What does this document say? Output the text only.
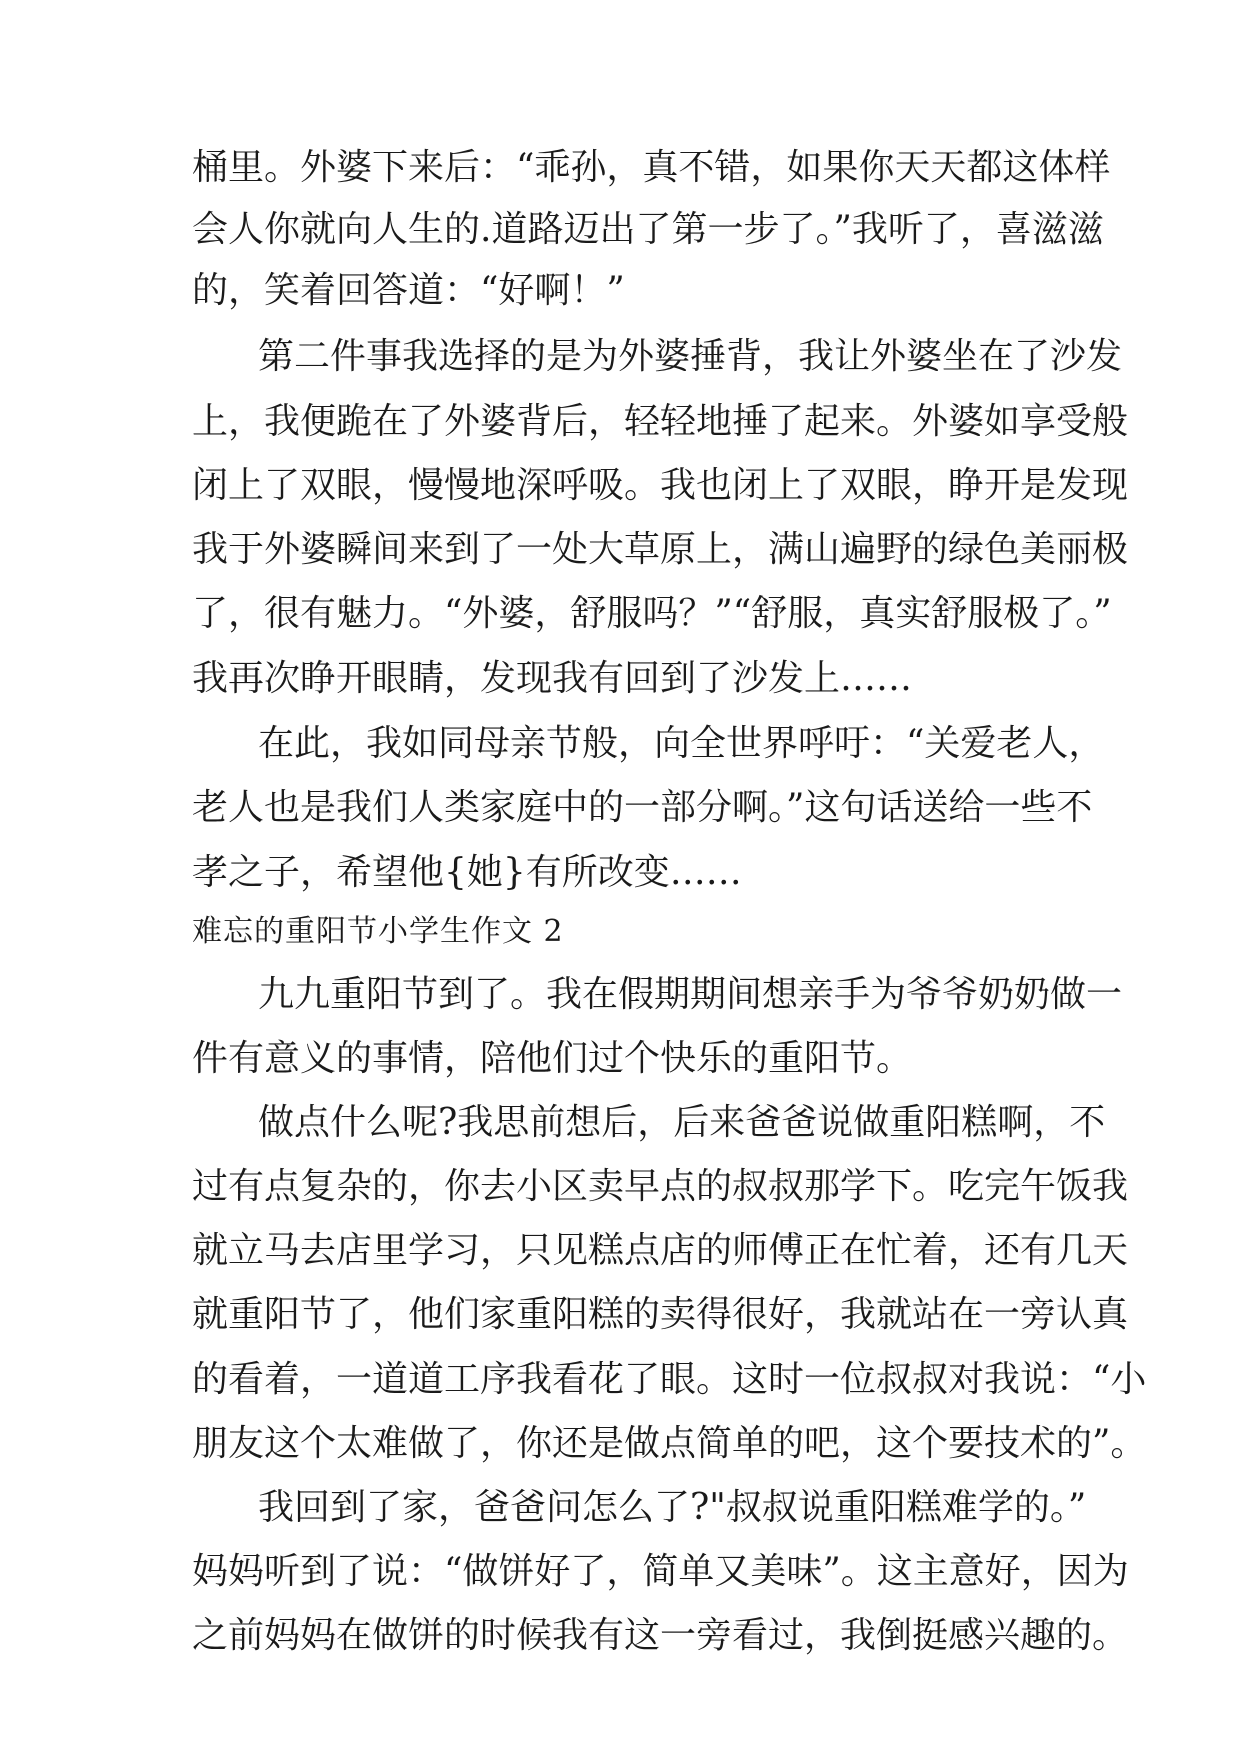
桶里。外婆下来后：“乖孙，真不错，如果你天天都这体样
会人你就向人生的.道路迈出了第一步了。”我听了，喜滋滋
的，笑着回答道：“好啊！”
第二件事我选择的是为外婆捶背，我让外婆坐在了沙发
上，我便跪在了外婆背后，轻轻地捶了起来。外婆如享受般
闭上了双眼，慢慢地深呼吸。我也闭上了双眼，睁开是发现
我于外婆瞬间来到了一处大草原上，满山遍野的绿色美丽极
了，很有魅力。“外婆，舒服吗？”“舒服，真实舒服极了。”
我再次睁开眼睛，发现我有回到了沙发上……
在此，我如同母亲节般，向全世界呼吁：“关爱老人，
老人也是我们人类家庭中的一部分啊。”这句话送给一些不
孝之子，希望他{她}有所改变……
难忘的重阳节小学生作文 2
九九重阳节到了。我在假期期间想亲手为爷爷奶奶做一
件有意义的事情，陪他们过个快乐的重阳节。
做点什么呢?我思前想后，后来爸爸说做重阳糕啊，不
过有点复杂的，你去小区卖早点的叔叔那学下。吃完午饭我
就立马去店里学习，只见糕点店的师傅正在忙着，还有几天
就重阳节了，他们家重阳糕的卖得很好，我就站在一旁认真
的看着，一道道工序我看花了眼。这时一位叔叔对我说：“小
朋友这个太难做了，你还是做点简单的吧，这个要技术的”。
我回到了家，爸爸问怎么了?"叔叔说重阳糕难学的。”
妈妈听到了说：“做饼好了，简单又美味”。这主意好，因为
之前妈妈在做饼的时候我有这一旁看过，我倒挺感兴趣的。
